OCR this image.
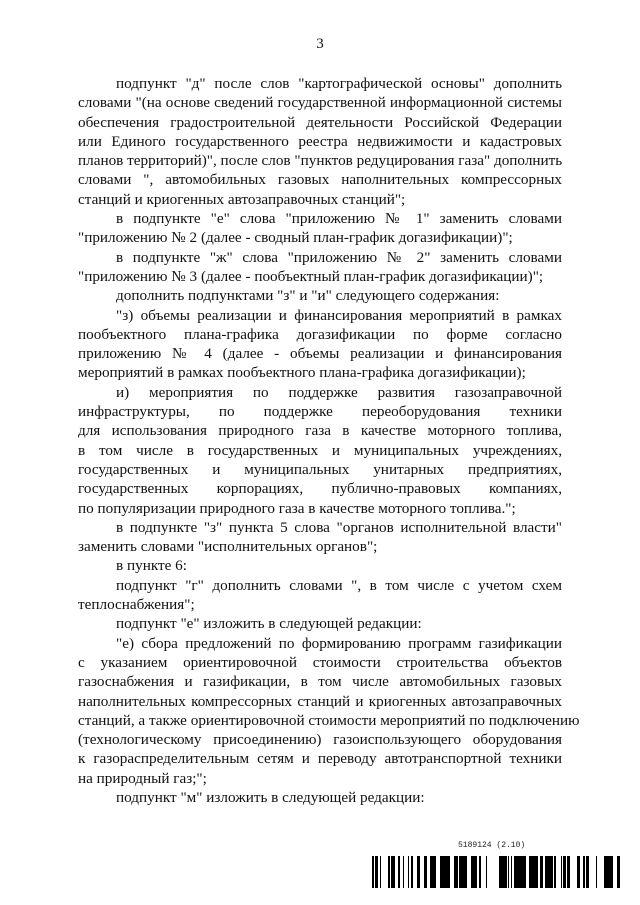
3
подпункт "д" после слов "картографической основы" дополнить
словами "(на основе сведений государственной информационной системы
обеспечения градостроительной деятельности Российской Федерации
или Единого государственного реестра недвижимости и кадастровых
планов территорий)", после слов "пунктов редуцирования газа" дополнить
словами ", автомобильных газовых наполнительных компрессорных
станций и криогенных автозаправочных станций";
в подпункте "е" слова "приложению № 1" заменить словами
"приложению № 2 (далее - сводный план-график догазификации)";
в подпункте "ж" слова "приложению № 2" заменить словами
"приложению № 3 (далее - пообъектный план-график догазификации)";
дополнить подпунктами "з" и "и" следующего содержания:
"з) объемы реализации и финансирования мероприятий в рамках
пообъектного плана-графика догазификации по форме согласно
приложению № 4 (далее - объемы реализации и финансирования
мероприятий в рамках пообъектного плана-графика догазификации);
и) мероприятия по поддержке развития газозаправочной
инфраструктуры, по поддержке переоборудования техники
для использования природного газа в качестве моторного топлива,
в том числе в государственных и муниципальных учреждениях,
государственных и муниципальных унитарных предприятиях,
государственных корпорациях, публично-правовых компаниях,
по популяризации природного газа в качестве моторного топлива.";
в подпункте "з" пункта 5 слова "органов исполнительной власти"
заменить словами "исполнительных органов";
в пункте 6:
подпункт "г" дополнить словами ", в том числе с учетом схем
теплоснабжения";
подпункт "е" изложить в следующей редакции:
"е) сбора предложений по формированию программ газификации
с указанием ориентировочной стоимости строительства объектов
газоснабжения и газификации, в том числе автомобильных газовых
наполнительных компрессорных станций и криогенных автозаправочных
станций, а также ориентировочной стоимости мероприятий по подключению
(технологическому присоединению) газоиспользующего оборудования
к газораспределительным сетям и переводу автотранспортной техники
на природный газ;";
подпункт "м" изложить в следующей редакции:
5189124 (2.10)
